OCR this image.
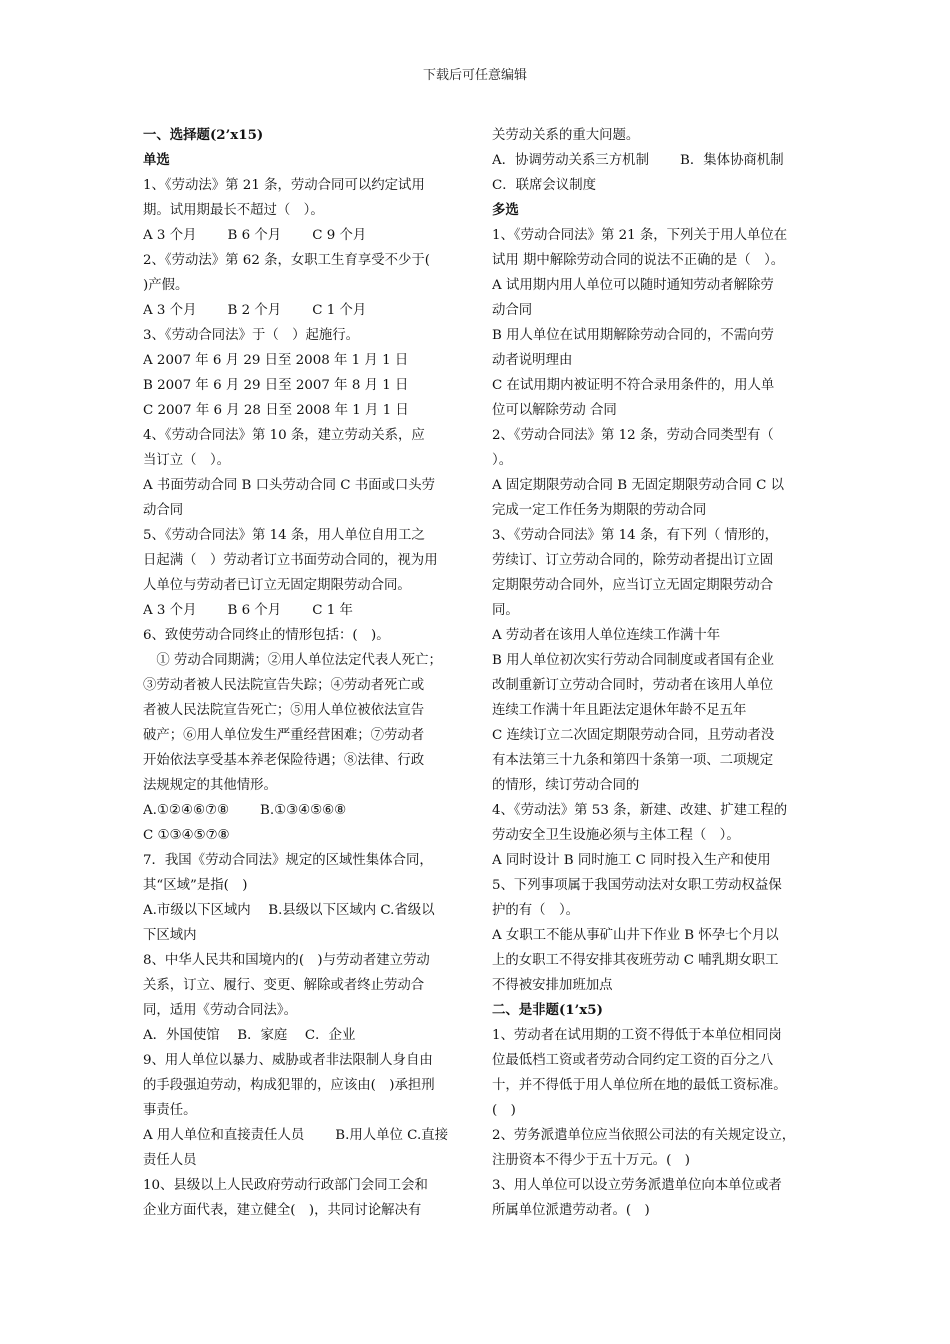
下载后可任意编辑
一、选择题(2’x15)
单选
1、《劳动法》第 21 条，劳动合同可以约定试用
期。试用期最长不超过（　）。
A 3 个月　　 B 6 个月　　 C 9 个月
2、《劳动法》第 62 条，女职工生育享受不少于(
)产假。
A 3 个月　　 B 2 个月　　 C 1 个月
3、《劳动合同法》于（　）起施行。
A 2007 年 6 月 29 日至 2008 年 1 月 1 日
B 2007 年 6 月 29 日至 2007 年 8 月 1 日
C 2007 年 6 月 28 日至 2008 年 1 月 1 日
4、《劳动合同法》第 10 条，建立劳动关系，应
当订立（　）。
A 书面劳动合同 B 口头劳动合同 C 书面或口头劳
动合同
5、《劳动合同法》第 14 条，用人单位自用工之
日起满（　）劳动者订立书面劳动合同的，视为用
人单位与劳动者已订立无固定期限劳动合同。
A 3 个月　　 B 6 个月　　 C 1 年
6、致使劳动合同终止的情形包括：(　)。
　① 劳动合同期满；②用人单位法定代表人死亡；
③劳动者被人民法院宣告失踪；④劳动者死亡或
者被人民法院宣告死亡；⑤用人单位被依法宣告
破产；⑥用人单位发生严重经营困难；⑦劳动者
开始依法享受基本养老保险待遇；⑧法律、行政
法规规定的其他情形。
A.①②④⑥⑦⑧　　 B.①③④⑤⑥⑧
C ①③④⑤⑦⑧
7．我国《劳动合同法》规定的区域性集体合同，
其“区域”是指(　)
A.市级以下区域内　 B.县级以下区域内 C.省级以
下区域内
8、中华人民共和国境内的(　)与劳动者建立劳动
关系，订立、履行、变更、解除或者终止劳动合
同，适用《劳动合同法》。
A．外国使馆　 B．家庭　 C．企业
9、用人单位以暴力、威胁或者非法限制人身自由
的手段强迫劳动，构成犯罪的，应该由(　)承担刑
事责任。
A 用人单位和直接责任人员　　 B.用人单位 C.直接
责任人员
10、县级以上人民政府劳动行政部门会同工会和
企业方面代表，建立健全(　)，共同讨论解决有
关劳动关系的重大问题。
A．协调劳动关系三方机制　　 B．集体协商机制
C．联席会议制度
多选
1、《劳动合同法》第 21 条，下列关于用人单位在
试用 期中解除劳动合同的说法不正确的是（　）。
A 试用期内用人单位可以随时通知劳动者解除劳
动合同
B 用人单位在试用期解除劳动合同的，不需向劳
动者说明理由
C 在试用期内被证明不符合录用条件的，用人单
位可以解除劳动 合同
2、《劳动合同法》第 12 条，劳动合同类型有（
）。
A 固定期限劳动合同 B 无固定期限劳动合同 C 以
完成一定工作任务为期限的劳动合同
3、《劳动合同法》第 14 条，有下列（ 情形的，
劳续订、订立劳动合同的，除劳动者提出订立固
定期限劳动合同外，应当订立无固定期限劳动合
同。
A 劳动者在该用人单位连续工作满十年
B 用人单位初次实行劳动合同制度或者国有企业
改制重新订立劳动合同时，劳动者在该用人单位
连续工作满十年且距法定退休年龄不足五年
C 连续订立二次固定期限劳动合同，且劳动者没
有本法第三十九条和第四十条第一项、二项规定
的情形，续订劳动合同的
4、《劳动法》第 53 条，新建、改建、扩建工程的
劳动安全卫生设施必须与主体工程（　）。
A 同时设计 B 同时施工 C 同时投入生产和使用
5、下列事项属于我国劳动法对女职工劳动权益保
护的有（　）。
A 女职工不能从事矿山井下作业 B 怀孕七个月以
上的女职工不得安排其夜班劳动 C 哺乳期女职工
不得被安排加班加点
二、是非题(1’x5)
1、劳动者在试用期的工资不得低于本单位相同岗
位最低档工资或者劳动合同约定工资的百分之八
十，并不得低于用人单位所在地的最低工资标准。
(　)
2、劳务派遣单位应当依照公司法的有关规定设立，
注册资本不得少于五十万元。(　)
3、用人单位可以设立劳务派遣单位向本单位或者
所属单位派遣劳动者。(　)
